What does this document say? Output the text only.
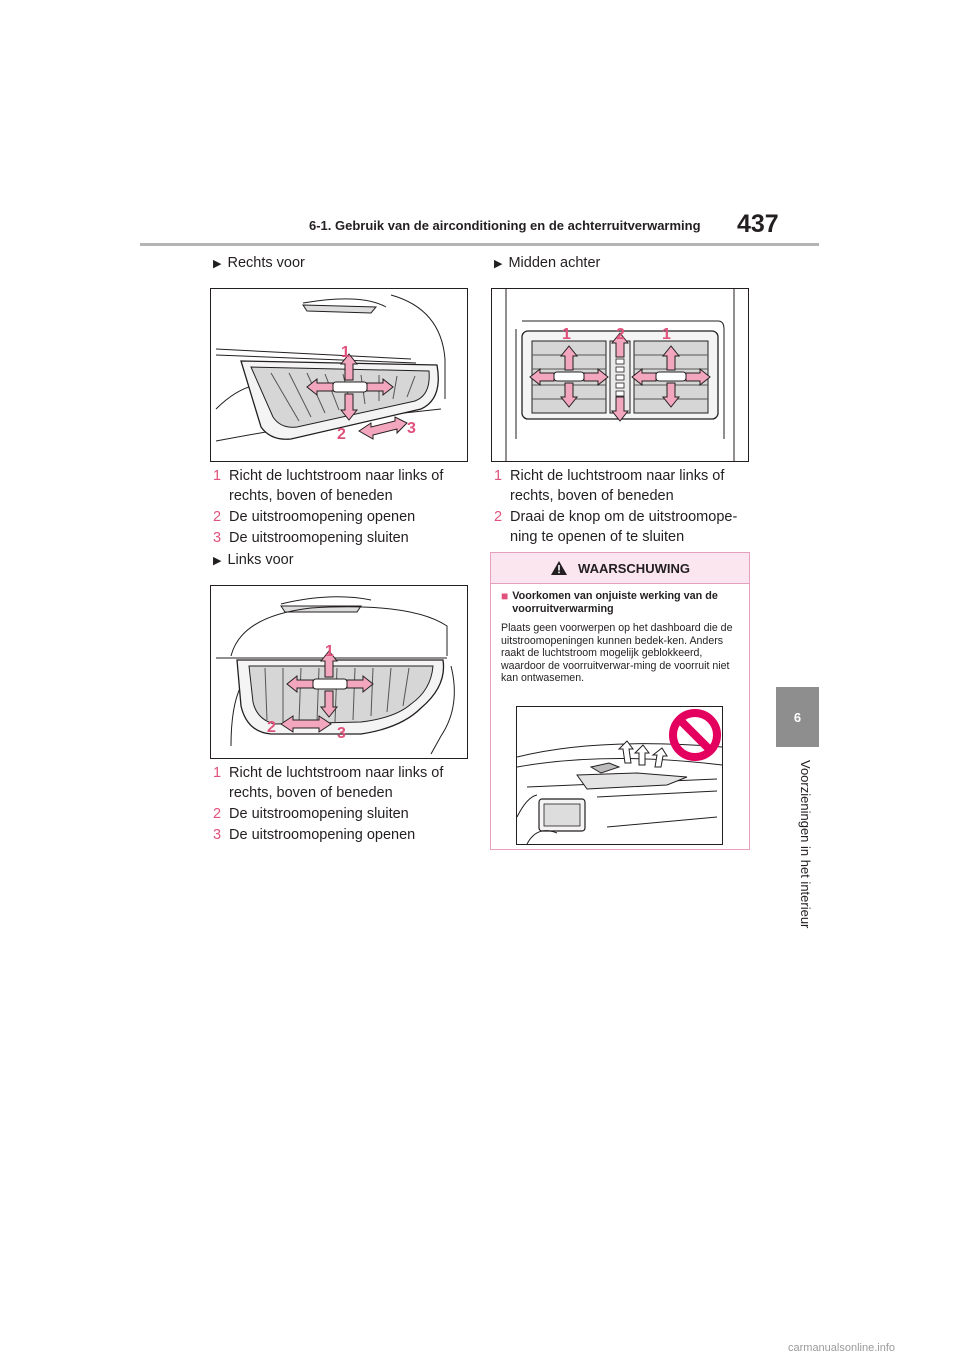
6-1. Gebruik van de airconditioning en de achterruitverwarming 437
6
Voorzieningen in het interieur
▶ Rechts voor
1
2	3
1 Richt de luchtstroom naar links of rechts, boven of beneden
2 De uitstroomopening openen
3 De uitstroomopening sluiten
▶ Links voor
1
2	3
1 Richt de luchtstroom naar links of rechts, boven of beneden
2 De uitstroomopening sluiten
3 De uitstroomopening openen
▶ Midden achter
1	2 1
1 Richt de luchtstroom naar links of rechts, boven of beneden
2 Draai de knop om de uitstroomope-ning te openen of te sluiten
WAARSCHUWING
■ Voorkomen van onjuiste werking van de voorruitverwarming
Plaats geen voorwerpen op het dashboard die de uitstroomopeningen kunnen bedek-ken. Anders raakt de luchtstroom mogelijk geblokkeerd, waardoor de voorruitverwar-ming de voorruit niet kan ontwasemen.
carmanualsonline.info
